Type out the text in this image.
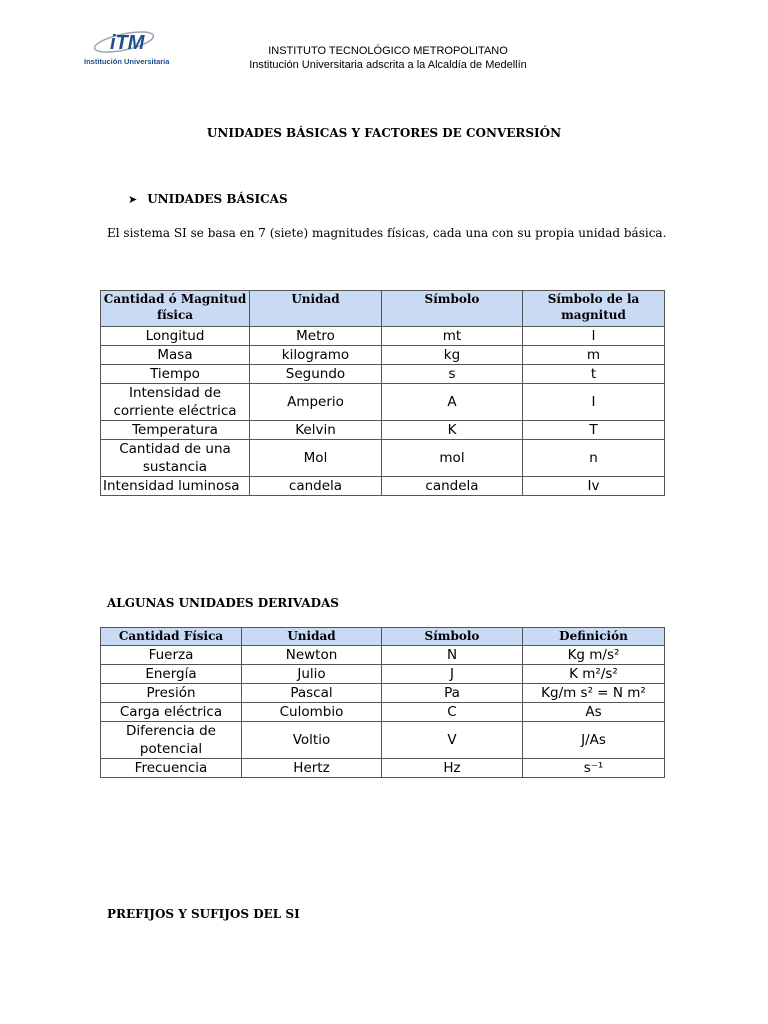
iTM
Institución Universitaria
INSTITUTO TECNOLÓGICO METROPOLITANO
Institución Universitaria adscrita a la Alcaldía de Medellín
UNIDADES BÁSICAS Y FACTORES DE CONVERSIÓN
➤ UNIDADES BÁSICAS
El sistema SI se basa en 7 (siete) magnitudes físicas, cada una con su propia unidad básica.
Cantidad ó Magnitud física	Unidad	Símbolo	Símbolo de la magnitud
Longitud	Metro	mt	l
Masa	kilogramo	kg	m
Tiempo	Segundo	s	t
Intensidad de corriente eléctrica	Amperio	A	I
Temperatura	Kelvin	K	T
Cantidad de una sustancia	Mol	mol	n
Intensidad luminosa	candela	candela	Iv
ALGUNAS UNIDADES DERIVADAS
Cantidad Física	Unidad	Símbolo	Definición
Fuerza	Newton	N	Kg m/s²
Energía	Julio	J	K m²/s²
Presión	Pascal	Pa	Kg/m s² = N m²
Carga eléctrica	Culombio	C	As
Diferencia de potencial	Voltio	V	J/As
Frecuencia	Hertz	Hz	s⁻¹
PREFIJOS Y SUFIJOS DEL SI
